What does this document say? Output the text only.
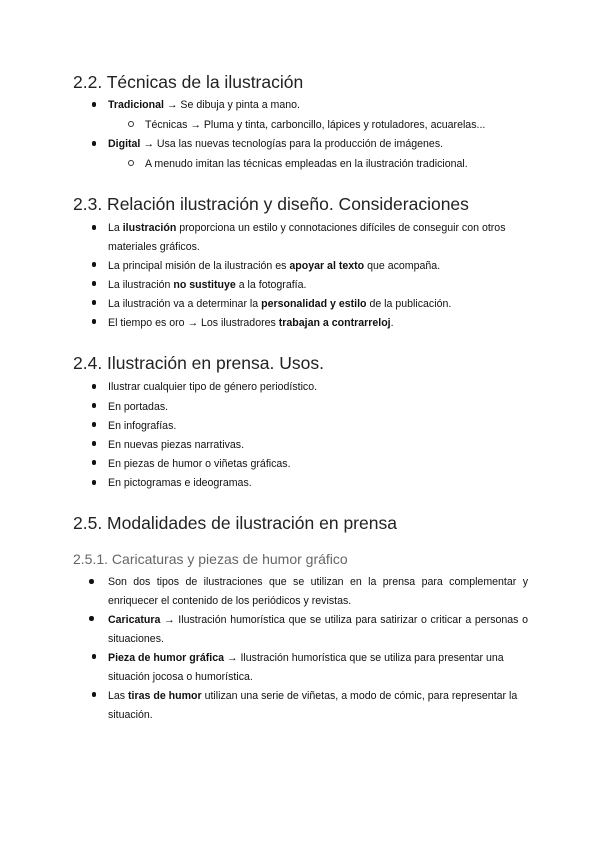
2.2. Técnicas de la ilustración
Tradicional → Se dibuja y pinta a mano.
Técnicas → Pluma y tinta, carboncillo, lápices y rotuladores, acuarelas...
Digital → Usa las nuevas tecnologías para la producción de imágenes.
A menudo imitan las técnicas empleadas en la ilustración tradicional.
2.3. Relación ilustración y diseño. Consideraciones
La ilustración proporciona un estilo y connotaciones difíciles de conseguir con otros materiales gráficos.
La principal misión de la ilustración es apoyar al texto que acompaña.
La ilustración no sustituye a la fotografía.
La ilustración va a determinar la personalidad y estilo de la publicación.
El tiempo es oro → Los ilustradores trabajan a contrarreloj.
2.4. Ilustración en prensa. Usos.
Ilustrar cualquier tipo de género periodístico.
En portadas.
En infografías.
En nuevas piezas narrativas.
En piezas de humor o viñetas gráficas.
En pictogramas e ideogramas.
2.5. Modalidades de ilustración en prensa
2.5.1. Caricaturas y piezas de humor gráfico
Son dos tipos de ilustraciones que se utilizan en la prensa para complementar y enriquecer el contenido de los periódicos y revistas.
Caricatura → Ilustración humorística que se utiliza para satirizar o criticar a personas o situaciones.
Pieza de humor gráfica → Ilustración humorística que se utiliza para presentar una situación jocosa o humorística.
Las tiras de humor utilizan una serie de viñetas, a modo de cómic, para representar la situación.
